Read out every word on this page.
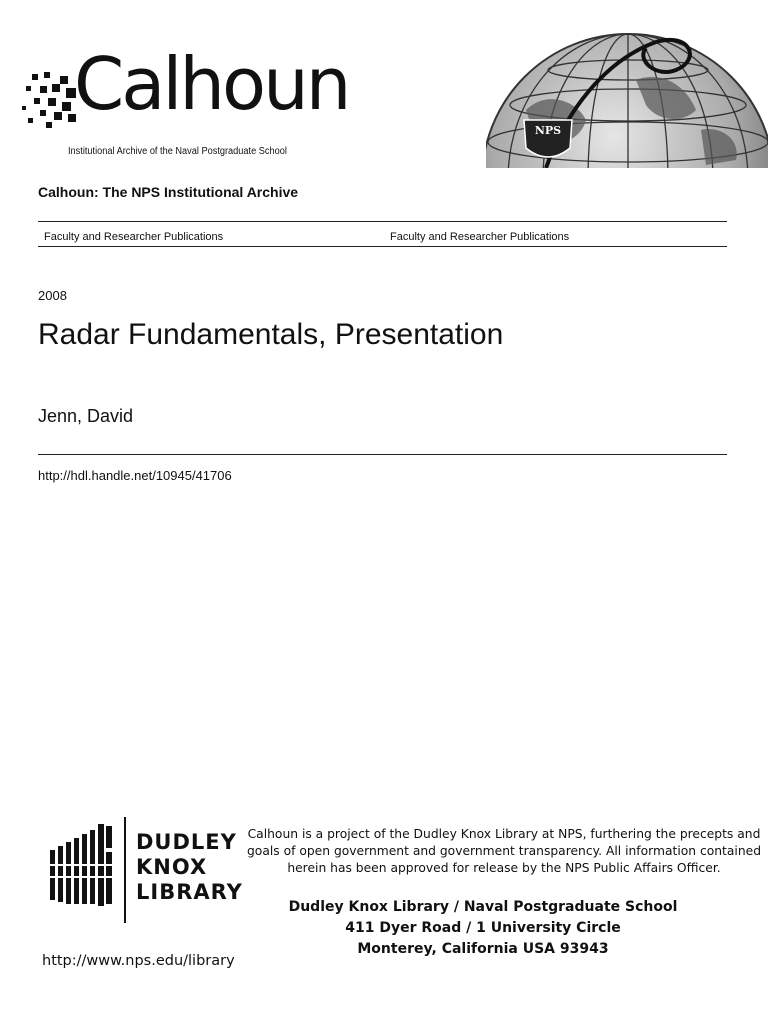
Calhoun
Institutional Archive of the Naval Postgraduate School
NPS
Calhoun: The NPS Institutional Archive
Faculty and Researcher Publications	Faculty and Researcher Publications
2008
Radar Fundamentals, Presentation
Jenn, David
http://hdl.handle.net/10945/41706
DUDLEY
KNOX
LIBRARY
Calhoun is a project of the Dudley Knox Library at NPS, furthering the precepts and
goals of open government and government transparency. All information contained
herein has been approved for release by the NPS Public Affairs Officer.
Dudley Knox Library / Naval Postgraduate School
411 Dyer Road / 1 University Circle
Monterey, California USA 93943
http://www.nps.edu/library
